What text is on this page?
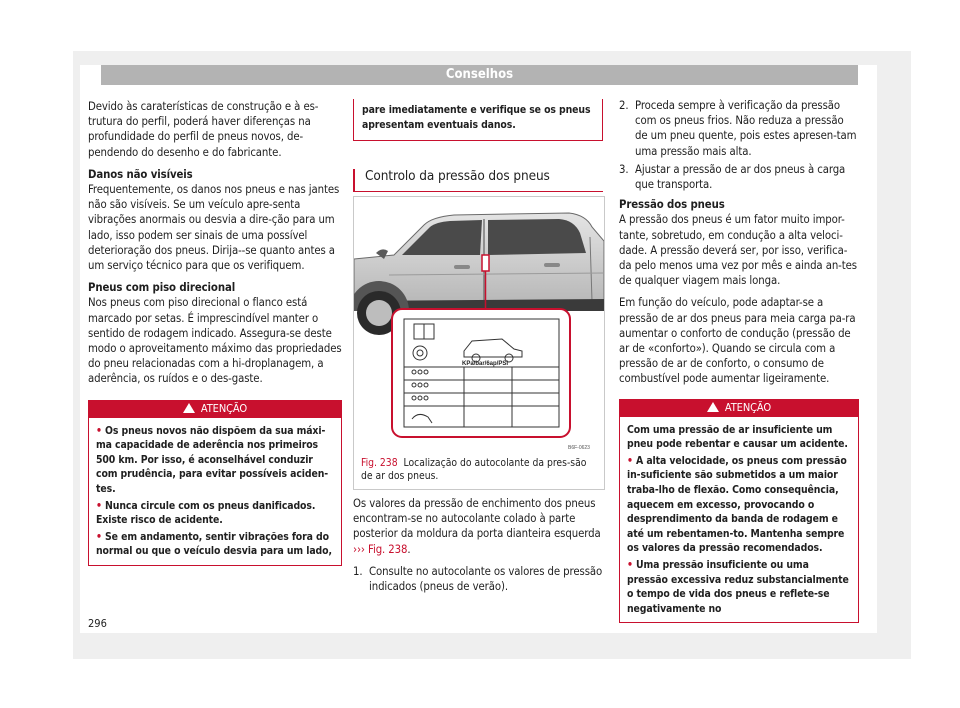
Conselhos

Devido às caraterísticas de construção e à es-trutura do perfil, poderá haver diferenças na profundidade do perfil de pneus novos, de-pendendo do desenho e do fabricante.

Danos não visíveis

Frequentemente, os danos nos pneus e nas jantes não são visíveis. Se um veículo apre-senta vibrações anormais ou desvia a dire-ção para um lado, isso podem ser sinais de uma possível deterioração dos pneus. Dirija--se quanto antes a um serviço técnico para que os verifiquem.

Pneus com piso direcional

Nos pneus com piso direcional o flanco está marcado por setas. É imprescindível manter o sentido de rodagem indicado. Assegura-se deste modo o aproveitamento máximo das propriedades do pneu relacionadas com a hi-droplanagem, a aderência, os ruídos e o des-gaste.

ATENÇÃO
• Os pneus novos não dispõem da sua máxi-ma capacidade de aderência nos primeiros 500 km. Por isso, é aconselhável conduzir com prudência, para evitar possíveis aciden-tes.
• Nunca circule com os pneus danificados. Existe risco de acidente.
• Se em andamento, sentir vibrações fora do normal ou que o veículo desvia para um lado,
pare imediatamente e verifique se os pneus apresentam eventuais danos.
Controlo da pressão dos pneus
KPa/bar/6ap/PSI
B6F-0623
Fig. 238 Localização do autocolante da pres-são de ar dos pneus.

Os valores da pressão de enchimento dos pneus encontram-se no autocolante colado à parte posterior da moldura da porta dianteira esquerda ››› Fig. 238.

1. Consulte no autocolante os valores de pressão indicados (pneus de verão).
2. Proceda sempre à verificação da pressão com os pneus frios. Não reduza a pressão de um pneu quente, pois estes apresen-tam uma pressão mais alta.
3. Ajustar a pressão de ar dos pneus à carga que transporta.

Pressão dos pneus

A pressão dos pneus é um fator muito impor-tante, sobretudo, em condução a alta veloci-dade. A pressão deverá ser, por isso, verifica-da pelo menos uma vez por mês e ainda an-tes de qualquer viagem mais longa.

Em função do veículo, pode adaptar-se a pressão de ar dos pneus para meia carga pa-ra aumentar o conforto de condução (pressão de ar de «conforto»). Quando se circula com a pressão de ar de conforto, o consumo de combustível pode aumentar ligeiramente.

ATENÇÃO
Com uma pressão de ar insuficiente um pneu pode rebentar e causar um acidente.
• A alta velocidade, os pneus com pressão in-suficiente são submetidos a um maior traba-lho de flexão. Como consequência, aquecem em excesso, provocando o desprendimento da banda de rodagem e até um rebentamen-to. Mantenha sempre os valores da pressão recomendados.
• Uma pressão insuficiente ou uma pressão excessiva reduz substancialmente o tempo de vida dos pneus e reflete-se negativamente no
296
